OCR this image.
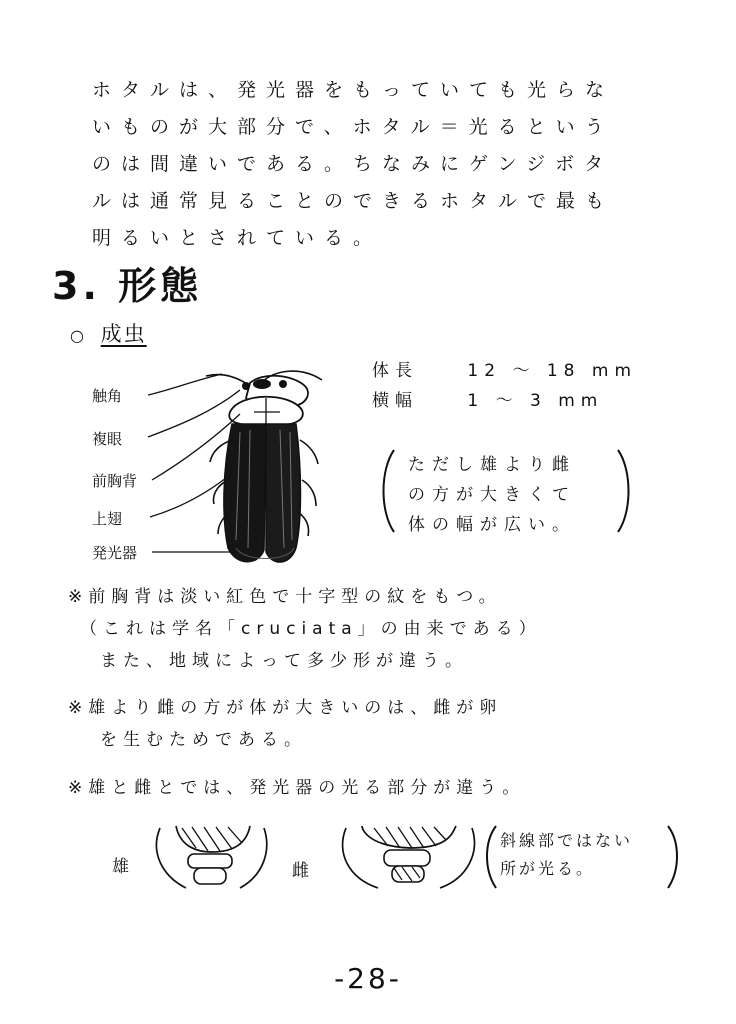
ホタルは、発光器をもっていても光らな
いものが大部分で、ホタル＝光るという
のは間違いである。ちなみにゲンジボタ
ルは通常見ることのできるホタルで最も
明るいとされている。
3. 形態
○ 成虫
触角
複眼
前胸背
上翅
発光器
体長	12 ～ 18 mm
横幅	1 ～ 3 mm
ただし雄より雌
の方が大きくて
体の幅が広い。
※前胸背は淡い紅色で十字型の紋をもつ。
（これは学名「cruciata」の由来である）
また、地域によって多少形が違う。
※雄より雌の方が体が大きいのは、雌が卵
を生むためである。
※雄と雌とでは、発光器の光る部分が違う。
雄	雌
斜線部ではない
所が光る。
-28-
